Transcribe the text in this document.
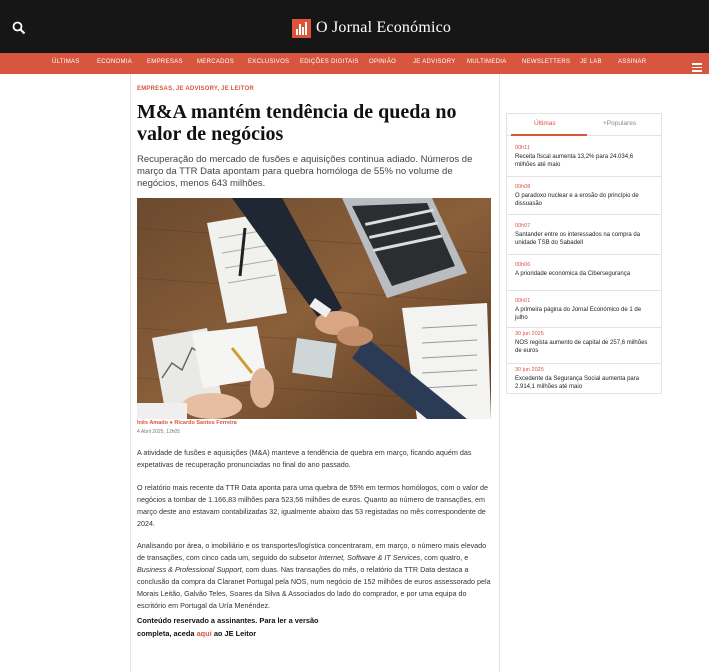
O Jornal Económico
ÚLTIMAS	ECONOMIA EMPRESAS MERCADOS EXCLUSIVOS EDIÇÕES DIGITAIS OPINIÃO	JE ADVISORY MULTIMEDIA	NEWSLETTERS JE LAB	ASSINAR
EMPRESAS, JE ADVISORY, JE LEITOR
M&A mantém tendência de queda no valor de negócios

Recuperação do mercado de fusões e aquisições continua adiado. Números de março da TTR Data apontam para quebra homóloga de 55% no volume de negócios, menos 643 milhões.

Inês Amado ● Ricardo Santos Ferreira
4 Abril 2025, 12h05

A atividade de fusões e aquisições (M&A) manteve a tendência de quebra em março, ficando aquém das expetativas de recuperação pronunciadas no final do ano passado.

O relatório mais recente da TTR Data aponta para uma quebra de 55% em termos homólogos, com o valor de negócios a tombar de 1.166,83 milhões para 523,56 milhões de euros. Quanto ao número de transações, em março deste ano estavam contabilizadas 32, igualmente abaixo das 53 registadas no mês correspondente de 2024.

Analisando por área, o imobiliário e os transportes/logística concentraram, em março, o número mais elevado de transações, com cinco cada um, seguido do subsetor Internet, Software & IT Services, com quatro, e Business & Professional Support, com duas. Nas transações do mês, o relatório da TTR Data destaca a conclusão da compra da Claranet Portugal pela NOS, num negócio de 152 milhões de euros assessorado pela Morais Leitão, Galvão Teles, Soares da Silva & Associados do lado do comprador, e por uma equipa do escritório em Portugal da Uría Menéndez.

Conteúdo reservado a assinantes. Para ler a versão
completa, aceda aqui ao JE Leitor
Últimas	+Populares
00h11
Receita fiscal aumenta 13,2% para 24.034,6 milhões até maio
00h08
O paradoxo nuclear e a erosão do princípio de dissuasão
00h07
Santander entre os interessados na compra da unidade TSB do Sabadell
00h06
A prioridade económica da Cibersegurança
00h01
A primeira página do Jornal Económico de 1 de julho
30 jun 2025
NOS regista aumento de capital de 257,6 milhões de euros
30 jun 2025
Excedente da Segurança Social aumenta para 2.914,1 milhões até maio
